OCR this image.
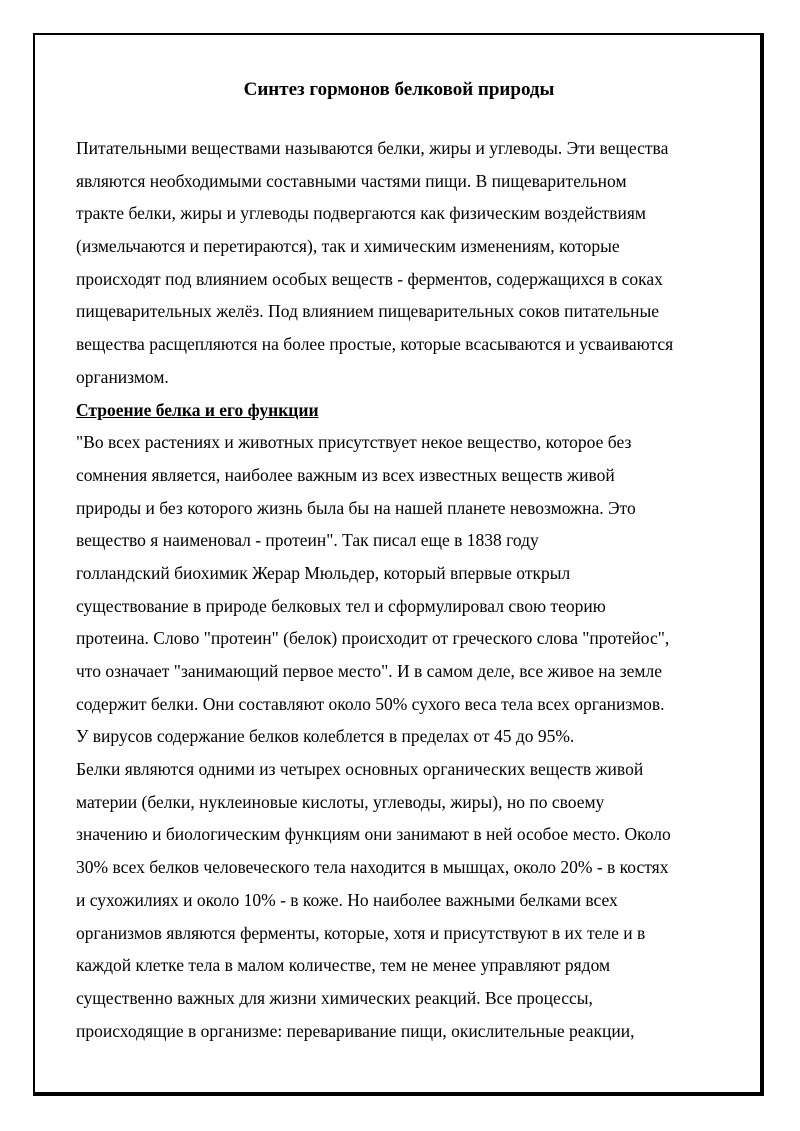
Синтез гормонов белковой природы
Питательными веществами называются белки, жиры и углеводы. Эти вещества
являются необходимыми составными частями пищи. В пищеварительном
тракте белки, жиры и углеводы подвергаются как физическим воздействиям
(измельчаются и перетираются), так и химическим изменениям, которые
происходят под влиянием особых веществ - ферментов, содержащихся в соках
пищеварительных желёз. Под влиянием пищеварительных соков питательные
вещества расщепляются на более простые, которые всасываются и усваиваются
организмом.
Строение белка и его функции
"Во всех растениях и животных присутствует некое вещество, которое без
сомнения является, наиболее важным из всех известных веществ живой
природы и без которого жизнь была бы на нашей планете невозможна. Это
вещество я наименовал - протеин". Так писал еще в 1838 году
голландский биохимик Жерар Мюльдер, который впервые открыл
существование в природе белковых тел и сформулировал свою теорию
протеина. Слово "протеин" (белок) происходит от греческого слова "протейос",
что означает "занимающий первое место". И в самом деле, все живое на земле
содержит белки. Они составляют около 50% сухого веса тела всех организмов.
У вирусов содержание белков колеблется в пределах от 45 до 95%.
Белки являются одними из четырех основных органических веществ живой
материи (белки, нуклеиновые кислоты, углеводы, жиры), но по своему
значению и биологическим функциям они занимают в ней особое место. Около
30% всех белков человеческого тела находится в мышцах, около 20% - в костях
и сухожилиях и около 10% - в коже. Но наиболее важными белками всех
организмов являются ферменты, которые, хотя и присутствуют в их теле и в
каждой клетке тела в малом количестве, тем не менее управляют рядом
существенно важных для жизни химических реакций. Все процессы,
происходящие в организме: переваривание пищи, окислительные реакции,
